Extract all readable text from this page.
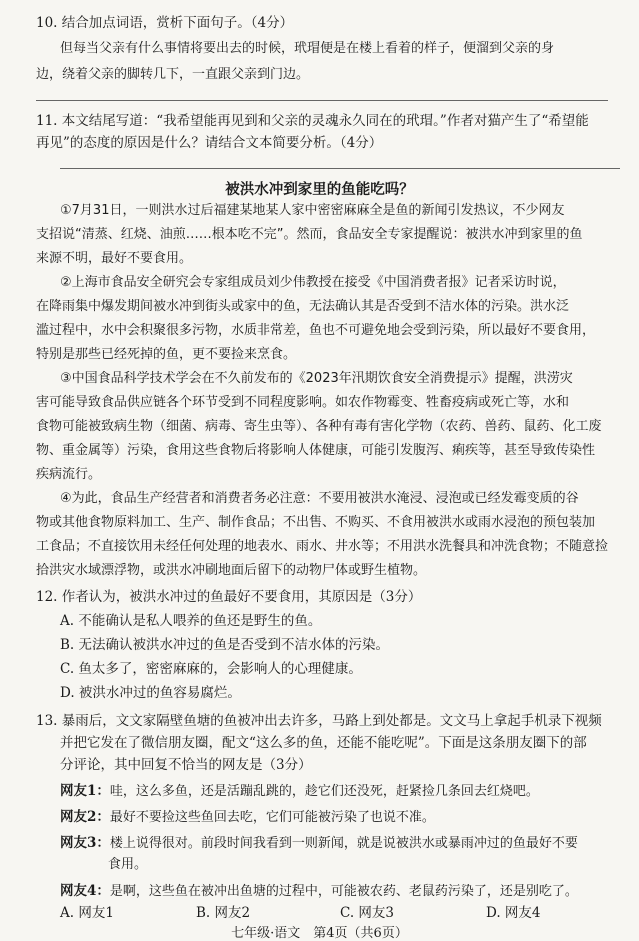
10. 结合加点词语，赏析下面句子。（4分）
但每当父亲有什么事情将要出去的时候，玳瑁便是在楼上看着的样子，便溜到父亲的身
边，绕着父亲的脚转几下，一直跟父亲到门边。
11. 本文结尾写道：“我希望能再见到和父亲的灵魂永久同在的玳瑁。”作者对猫产生了“希望能
再见”的态度的原因是什么？请结合文本简要分析。（4分）
被洪水冲到家里的鱼能吃吗？
①7月31日，一则洪水过后福建某地某人家中密密麻麻全是鱼的新闻引发热议，不少网友
支招说“清蒸、红烧、油煎……根本吃不完”。然而，食品安全专家提醒说：被洪水冲到家里的鱼
来源不明，最好不要食用。
②上海市食品安全研究会专家组成员刘少伟教授在接受《中国消费者报》记者采访时说，
在降雨集中爆发期间被水冲到街头或家中的鱼，无法确认其是否受到不洁水体的污染。洪水泛
滥过程中，水中会积聚很多污物，水质非常差，鱼也不可避免地会受到污染，所以最好不要食用，
特别是那些已经死掉的鱼，更不要捡来烹食。
③中国食品科学技术学会在不久前发布的《2023年汛期饮食安全消费提示》提醒，洪涝灾
害可能导致食品供应链各个环节受到不同程度影响。如农作物霉变、牲畜疫病或死亡等，水和
食物可能被致病生物（细菌、病毒、寄生虫等）、各种有毒有害化学物（农药、兽药、鼠药、化工废
物、重金属等）污染，食用这些食物后将影响人体健康，可能引发腹泻、痢疾等，甚至导致传染性
疾病流行。
④为此，食品生产经营者和消费者务必注意：不要用被洪水淹浸、浸泡或已经发霉变质的谷
物或其他食物原料加工、生产、制作食品；不出售、不购买、不食用被洪水或雨水浸泡的预包装加
工食品；不直接饮用未经任何处理的地表水、雨水、井水等；不用洪水洗餐具和冲洗食物；不随意捡
拾洪灾水域漂浮物，或洪水冲刷地面后留下的动物尸体或野生植物。
12. 作者认为，被洪水冲过的鱼最好不要食用，其原因是（3分）
A. 不能确认是私人喂养的鱼还是野生的鱼。
B. 无法确认被洪水冲过的鱼是否受到不洁水体的污染。
C. 鱼太多了，密密麻麻的，会影响人的心理健康。
D. 被洪水冲过的鱼容易腐烂。
13. 暴雨后，文文家隔壁鱼塘的鱼被冲出去许多，马路上到处都是。文文马上拿起手机录下视频
并把它发在了微信朋友圈，配文“这么多的鱼，还能不能吃呢”。下面是这条朋友圈下的部
分评论，其中回复不恰当的网友是（3分）
网友1：哇，这么多鱼，还是活蹦乱跳的，趁它们还没死，赶紧捡几条回去红烧吧。
网友2：最好不要捡这些鱼回去吃，它们可能被污染了也说不准。
网友3：楼上说得很对。前段时间我看到一则新闻，就是说被洪水或暴雨冲过的鱼最好不要
食用。
网友4：是啊，这些鱼在被冲出鱼塘的过程中，可能被农药、老鼠药污染了，还是别吃了。
A. 网友1	B. 网友2	C. 网友3	D. 网友4
七年级·语文　第4页（共6页）
